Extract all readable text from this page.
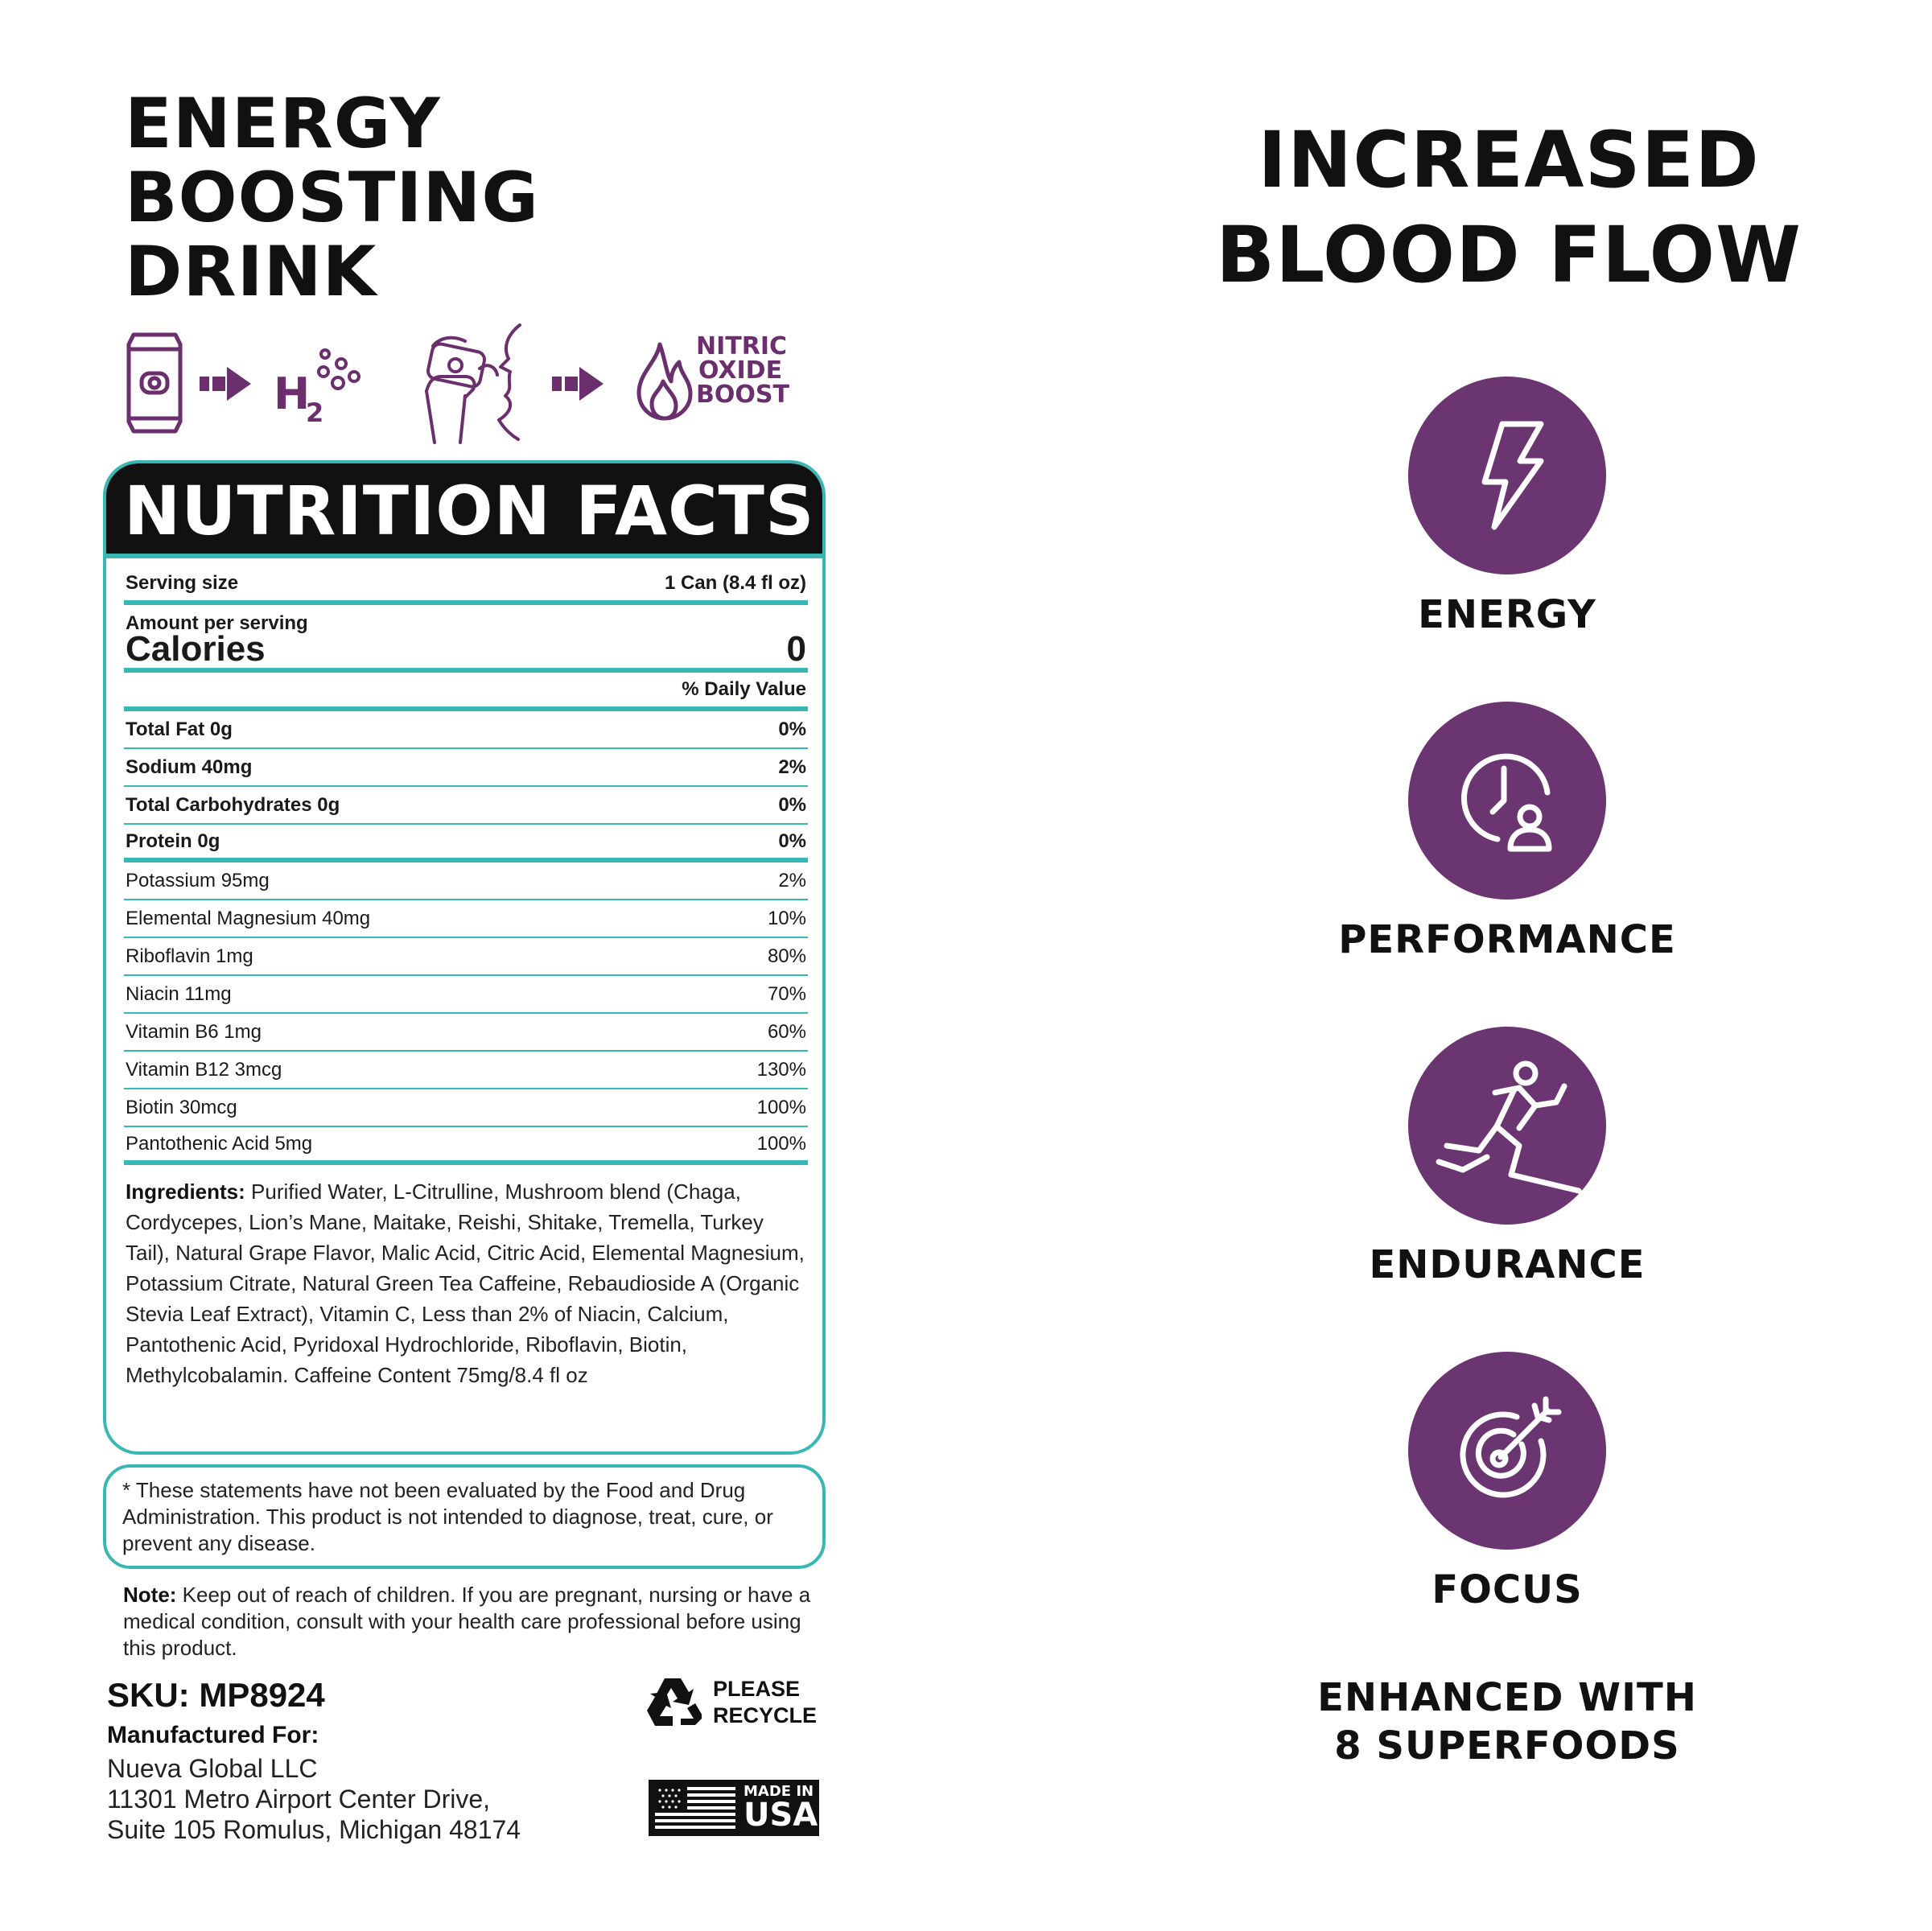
ENERGY
BOOSTING
DRINK
H
2
NITRIC
OXIDE
BOOST
NUTRITION FACTS
Serving size	1 Can (8.4 fl oz)
Amount per serving
Calories	0
% Daily Value
Total Fat 0g	0%
Sodium 40mg	2%
Total Carbohydrates 0g	0%
Protein 0g	0%
Potassium 95mg	2%
Elemental Magnesium 40mg	10%
Riboflavin 1mg	80%
Niacin 11mg	70%
Vitamin B6 1mg	60%
Vitamin B12 3mcg	130%
Biotin 30mcg	100%
Pantothenic Acid 5mg	100%
Ingredients: Purified Water, L-Citrulline, Mushroom blend (Chaga, Cordycepes, Lion’s Mane, Maitake, Reishi, Shitake, Tremella, Turkey Tail), Natural Grape Flavor, Malic Acid, Citric Acid, Elemental Magnesium, Potassium Citrate, Natural Green Tea Caffeine, Rebaudioside A (Organic Stevia Leaf Extract), Vitamin C, Less than 2% of Niacin, Calcium, Pantothenic Acid, Pyridoxal Hydrochloride, Riboflavin, Biotin, Methylcobalamin. Caffeine Content 75mg/8.4 fl oz
* These statements have not been evaluated by the Food and Drug Administration. This product is not intended to diagnose, treat, cure, or prevent any disease.
Note: Keep out of reach of children. If you are pregnant, nursing or have a medical condition, consult with your health care professional before using this product.
SKU: MP8924
Manufactured For:
Nueva Global LLC
11301 Metro Airport Center Drive,
Suite 105 Romulus, Michigan 48174
PLEASE
RECYCLE
MADE IN
USA
INCREASED
BLOOD FLOW
ENERGY
PERFORMANCE
ENDURANCE
FOCUS
ENHANCED WITH
8 SUPERFOODS
